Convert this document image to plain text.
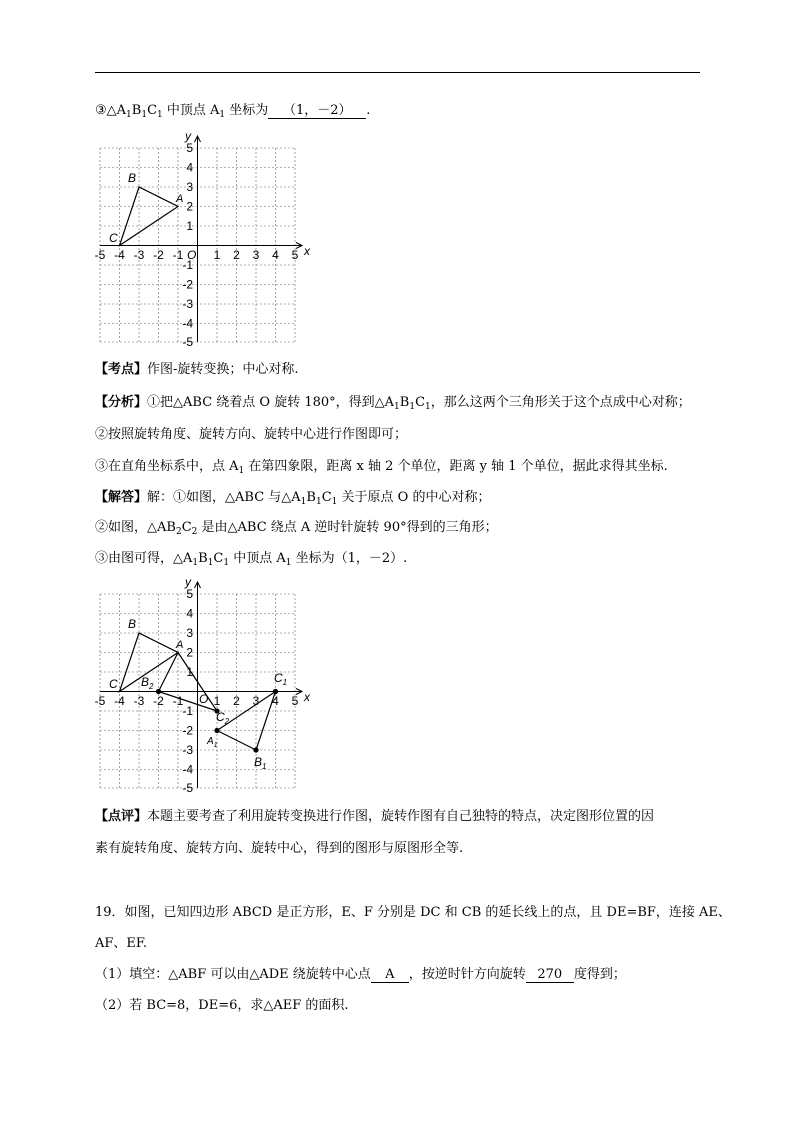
$③\triangle A_1B_1C_1$ 中顶点 $A_1$ 坐标为 （1，－2） .
x
y
O
-5 -4 -3 -2 -1	1 2 3 4 5
5
4
3
2
1
-1
-2
-3
-4
-5
B
C
A
【考点】作图-旋转变换；中心对称.
【分析】①把△ABC 绕着点 O 旋转 180°，得到$\triangle A_1B_1C_1$，那么这两个三角形关于这个点成中心对称；
②按照旋转角度、旋转方向、旋转中心进行作图即可；
③在直角坐标系中，点 $A_1$ 在第四象限，距离 x 轴 2 个单位，距离 y 轴 1 个单位，据此求得其坐标.
【解答】解：①如图，△ABC 与$\triangle A_1B_1C_1$ 关于原点 O 的中心对称；
②如图，$\triangle AB_2C_2$ 是由△ABC 绕点 A 逆时针旋转 90°得到的三角形；
③由图可得，$\triangle A_1B_1C_1$ 中顶点 $A_1$ 坐标为（1，－2）.
x
y
O
-5 -4 -3 -2 -1	1 2 3 4 5
5
4
3
2
1
-1
-2
-3
-4
-5
B
C
A
$B_2$
$C_2$
$A_1$
$B_1$
$C_1$
【点评】本题主要考查了利用旋转变换进行作图，旋转作图有自己独特的特点，决定图形位置的因
素有旋转角度、旋转方向、旋转中心，得到的图形与原图形全等.
19．如图，已知四边形 ABCD 是正方形，E、F 分别是 DC 和 CB 的延长线上的点，且 DE=BF，连接 AE、
AF、EF.
（1）填空：△ABF 可以由△ADE 绕旋转中心点 A ，按逆时针方向旋转 270 度得到；
（2）若 BC=8，DE=6，求△AEF 的面积.
